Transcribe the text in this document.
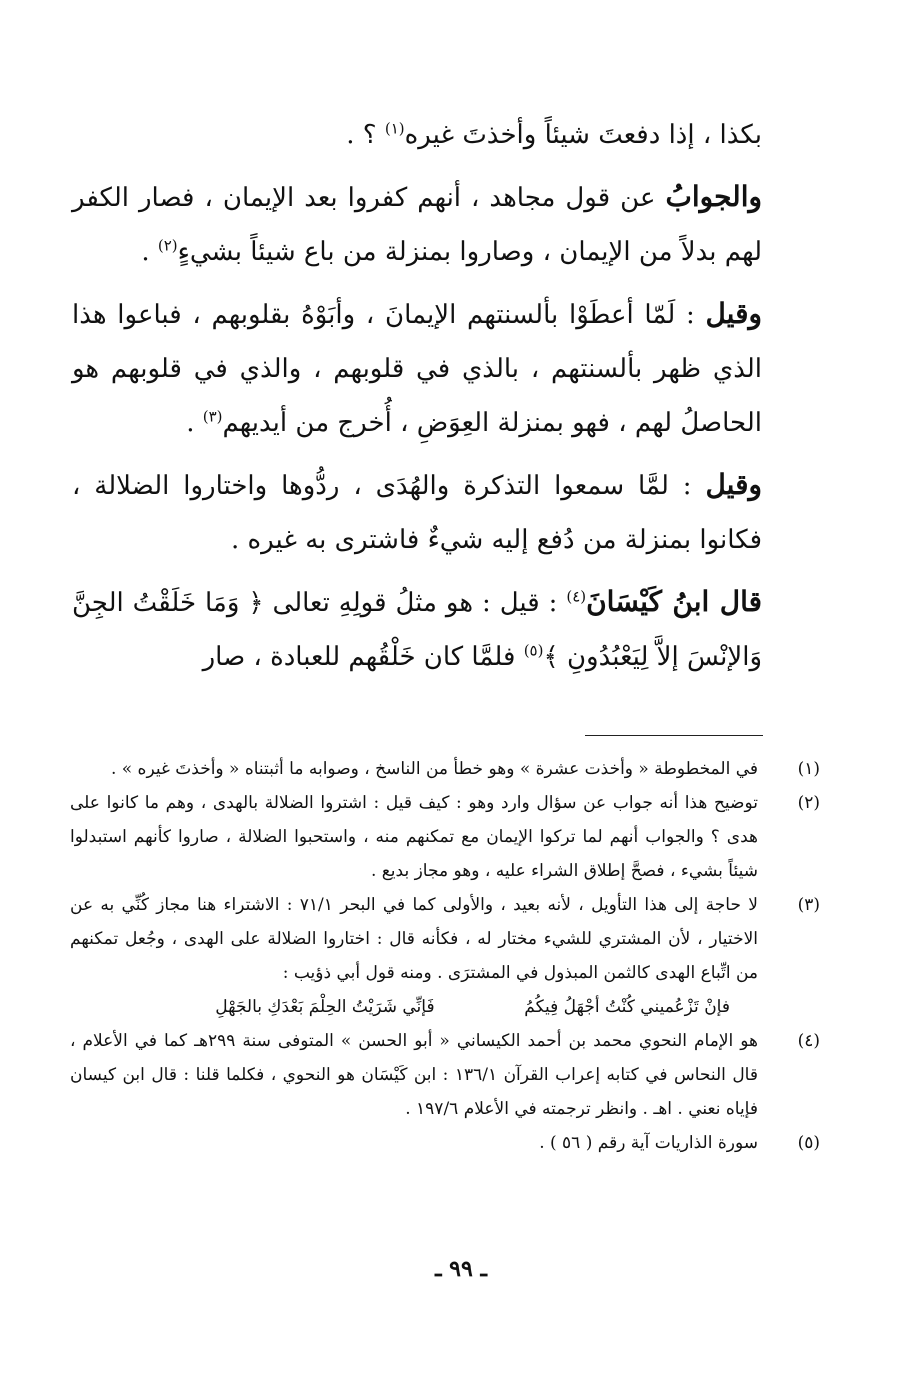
بكذا ، إذا دفعتَ شيئاً وأخذتَ غيره$^{(١)}$ ؟ .

والجوابُ عن قول مجاهد ، أنهم كفروا بعد الإيمان ، فصار الكفر لهم بدلاً من الإيمان ، وصاروا بمنزلة من باع شيئاً بشيءٍ$^{(٢)}$ .

وقيل : لَمّا أعطَوْا بألسنتهم الإيمانَ ، وأبَوْهُ بقلوبهم ، فباعوا هذا الذي ظهر بألسنتهم ، بالذي في قلوبهم ، والذي في قلوبهم هو الحاصلُ لهم ، فهو بمنزلة العِوَضِ ، أُخرج من أيديهم$^{(٣)}$ .

وقيل : لمَّا سمعوا التذكرة والهُدَى ، ردُّوها واختاروا الضلالة ، فكانوا بمنزلة من دُفع إليه شيءٌ فاشترى به غيره .

قال ابنُ كَيْسَانَ$^{(٤)}$ : قيل : هو مثلُ قولِهِ تعالى ﴿ وَمَا خَلَقْتُ الجِنَّ وَالإنْسَ إلاَّ لِيَعْبُدُونِ ﴾$^{(٥)}$ فلمَّا كان خَلْقُهم للعبادة ، صار

(١)
في المخطوطة « وأخذت عشرة » وهو خطأ من الناسخ ، وصوابه ما أثبتناه « وأخذتَ غيره » .
(٢)
توضيح هذا أنه جواب عن سؤال وارد وهو : كيف قيل : اشتروا الضلالة بالهدى ، وهم ما كانوا على هدى ؟ والجواب أنهم لما تركوا الإيمان مع تمكنهم منه ، واستحبوا الضلالة ، صاروا كأنهم استبدلوا شيئاً بشيء ، فصحَّ إطلاق الشراء عليه ، وهو مجاز بديع .
(٣)
لا حاجة إلى هذا التأويل ، لأنه بعيد ، والأولى كما في البحر ٧١/١ : الاشتراء هنا مجاز كُنِّي به عن الاختيار ، لأن المشتري للشيء مختار له ، فكأنه قال : اختاروا الضلالة على الهدى ، وجُعل تمكنهم من اتِّباع الهدى كالثمن المبذول في المشترَى . ومنه قول أبي ذؤيب :
فإنْ تَزْعُميني كُنْتُ أجْهَلُ فِيكُمُ فَإنِّي شَرَيْتُ الحِلْمَ بَعْدَكِ بالجَهْلِ
(٤)
هو الإمام النحوي محمد بن أحمد الكيساني « أبو الحسن » المتوفى سنة ٢٩٩هـ كما في الأعلام ، قال النحاس في كتابه إعراب القرآن ١٣٦/١ : ابن كَيْسَان هو النحوي ، فكلما قلنا : قال ابن كيسان فإياه نعني . اهـ . وانظر ترجمته في الأعلام ١٩٧/٦ .
(٥)
سورة الذاريات آية رقم ( ٥٦ ) .
ـ ٩٩ ـ
